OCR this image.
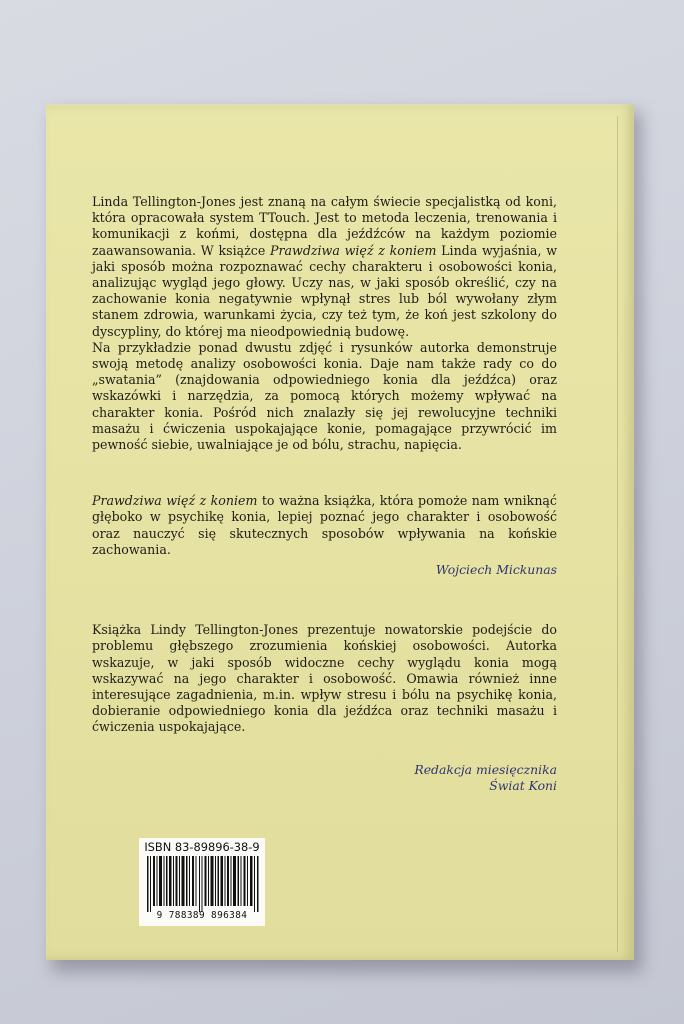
Linda Tellington-Jones jest znaną na całym świecie specjalistką od koni, która opracowała system TTouch. Jest to metoda leczenia, trenowania i komunikacji z końmi, dostępna dla jeźdźców na każdym poziomie zaawansowania. W książce Prawdziwa więź z koniem Linda wyjaśnia, w jaki sposób można rozpoznawać cechy charakteru i osobowości konia, analizując wygląd jego głowy. Uczy nas, w jaki sposób określić, czy na zachowanie konia negatywnie wpłynął stres lub ból wywołany złym stanem zdrowia, warunkami życia, czy też tym, że koń jest szkolony do dyscypliny, do której ma nieodpowiednią budowę.

Na przykładzie ponad dwustu zdjęć i rysunków autorka demonstruje swoją metodę analizy osobowości konia. Daje nam także rady co do „swatania” (znajdowania odpowiedniego konia dla jeźdźca) oraz wskazówki i narzędzia, za pomocą których możemy wpływać na charakter konia. Pośród nich znalazły się jej rewolucyjne techniki masażu i ćwiczenia uspokajające konie, pomagające przywrócić im pewność siebie, uwalniające je od bólu, strachu, napięcia.

Prawdziwa więź z koniem to ważna książka, która pomoże nam wniknąć głęboko w psychikę konia, lepiej poznać jego charakter i osobowość oraz nauczyć się skutecznych sposobów wpływania na końskie zachowania.

Wojciech Mickunas

Książka Lindy Tellington-Jones prezentuje nowatorskie podejście do problemu głębszego zrozumienia końskiej osobowości. Autorka wskazuje, w jaki sposób widoczne cechy wyglądu konia mogą wskazywać na jego charakter i osobowość. Omawia również inne interesujące zagadnienia, m.in. wpływ stresu i bólu na psychikę konia, dobieranie odpowiedniego konia dla jeźdźca oraz techniki masażu i ćwiczenia uspokajające.

Redakcja miesięcznika
Świat Koni
ISBN 83-89896-38-9
9 788389 896384
